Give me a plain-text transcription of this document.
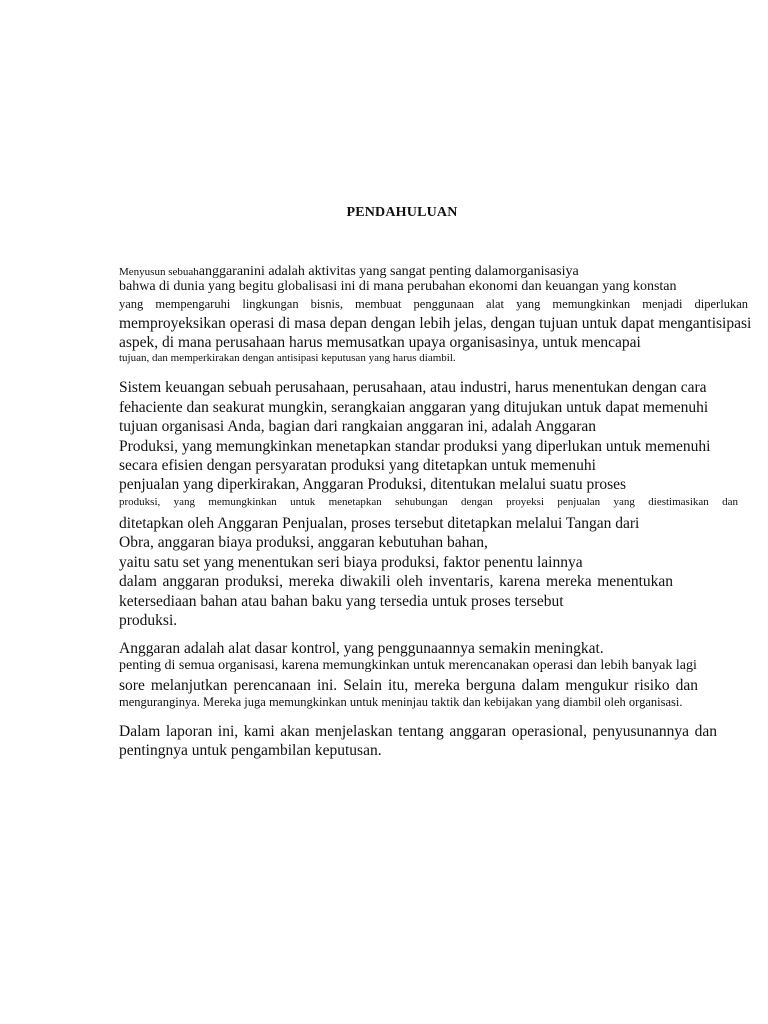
PENDAHULUAN
Menyusun sebuahanggaranini adalah aktivitas yang sangat penting dalamorganisasiya
bahwa di dunia yang begitu globalisasi ini di mana perubahan ekonomi dan keuangan yang konstan
yang mempengaruhi lingkungan bisnis, membuat penggunaan alat yang memungkinkan menjadi diperlukan
memproyeksikan operasi di masa depan dengan lebih jelas, dengan tujuan untuk dapat mengantisipasi
aspek, di mana perusahaan harus memusatkan upaya organisasinya, untuk mencapai
tujuan, dan memperkirakan dengan antisipasi keputusan yang harus diambil.
Sistem keuangan sebuah perusahaan, perusahaan, atau industri, harus menentukan dengan cara
fehaciente dan seakurat mungkin, serangkaian anggaran yang ditujukan untuk dapat memenuhi
tujuan organisasi Anda, bagian dari rangkaian anggaran ini, adalah Anggaran
Produksi, yang memungkinkan menetapkan standar produksi yang diperlukan untuk memenuhi
secara efisien dengan persyaratan produksi yang ditetapkan untuk memenuhi
penjualan yang diperkirakan, Anggaran Produksi, ditentukan melalui suatu proses
produksi, yang memungkinkan untuk menetapkan sehubungan dengan proyeksi penjualan yang diestimasikan dan
ditetapkan oleh Anggaran Penjualan, proses tersebut ditetapkan melalui Tangan dari
Obra, anggaran biaya produksi, anggaran kebutuhan bahan,
yaitu satu set yang menentukan seri biaya produksi, faktor penentu lainnya
dalam anggaran produksi, mereka diwakili oleh inventaris, karena mereka menentukan
ketersediaan bahan atau bahan baku yang tersedia untuk proses tersebut
produksi.
Anggaran adalah alat dasar kontrol, yang penggunaannya semakin meningkat.
penting di semua organisasi, karena memungkinkan untuk merencanakan operasi dan lebih banyak lagi
sore melanjutkan perencanaan ini. Selain itu, mereka berguna dalam mengukur risiko dan
menguranginya. Mereka juga memungkinkan untuk meninjau taktik dan kebijakan yang diambil oleh organisasi.
Dalam laporan ini, kami akan menjelaskan tentang anggaran operasional, penyusunannya dan
pentingnya untuk pengambilan keputusan.
